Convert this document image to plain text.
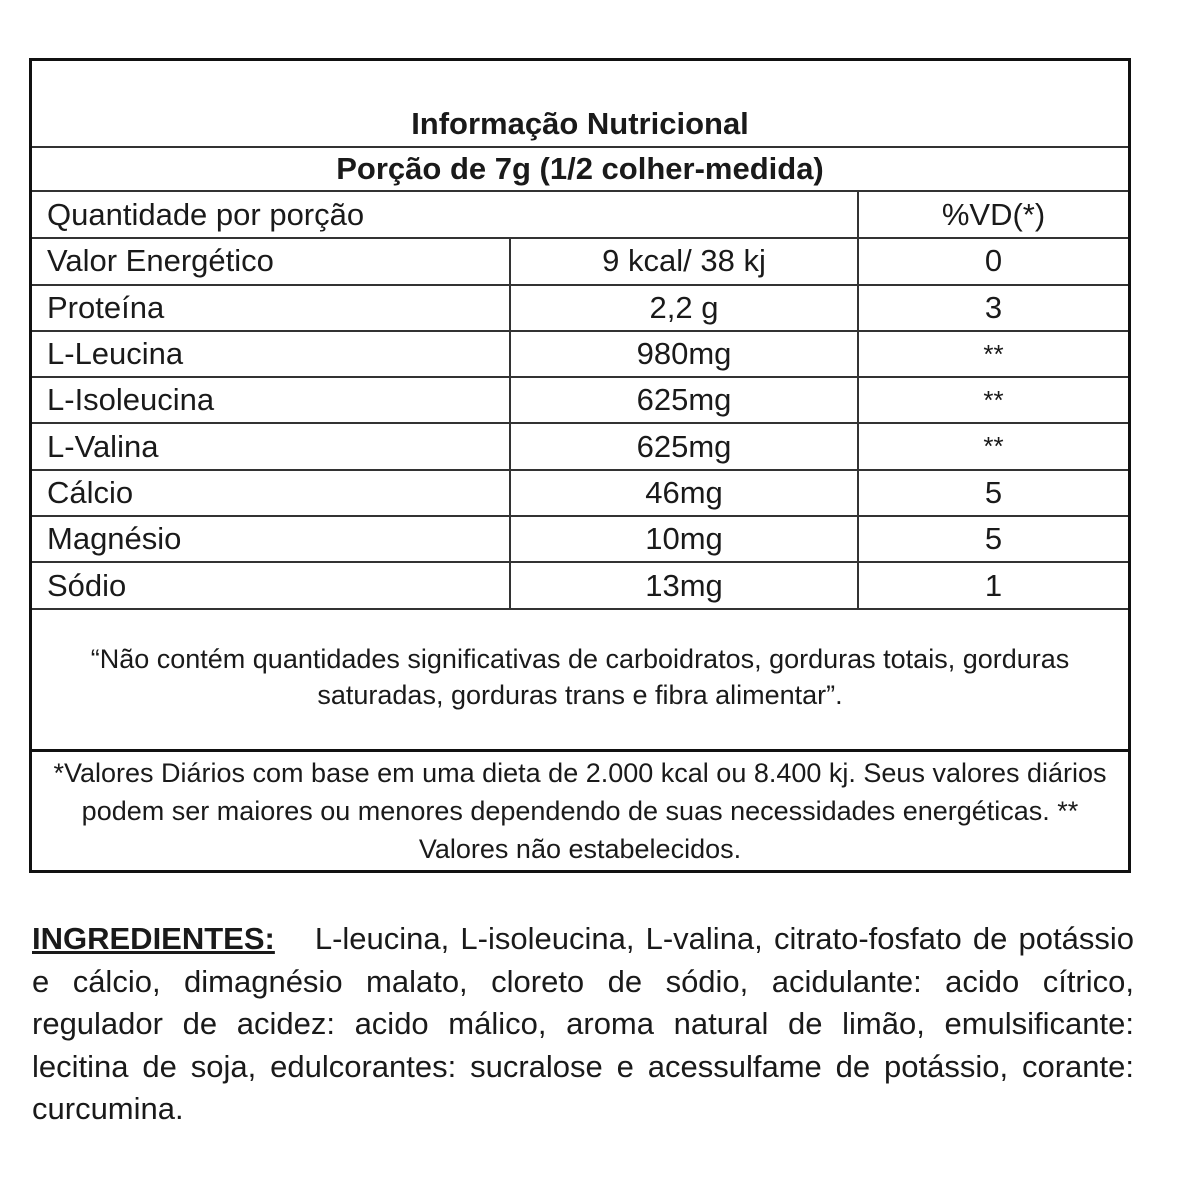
Informação Nutricional
Porção de 7g (1/2 colher-medida)
Quantidade por porção		%VD(*)
Valor Energético	9 kcal/ 38 kj	0
Proteína	2,2 g	3
L-Leucina	980mg	**
L-Isoleucina	625mg	**
L-Valina	625mg	**
Cálcio	46mg	5
Magnésio	10mg	5
Sódio	13mg	1
“Não contém quantidades significativas de carboidratos, gorduras totais, gorduras saturadas, gorduras trans e fibra alimentar”.
*Valores Diários com base em uma dieta de 2.000 kcal ou 8.400 kj. Seus valores diários podem ser maiores ou menores dependendo de suas necessidades energéticas. ** Valores não estabelecidos.
INGREDIENTES: L-leucina, L-isoleucina, L-valina, citrato-fosfato de potássio e cálcio, dimagnésio malato, cloreto de sódio, acidulante: acido cítrico, regulador de acidez: acido málico, aroma natural de limão, emulsificante: lecitina de soja, edulcorantes: sucralose e acessulfame de potássio, corante: curcumina.
